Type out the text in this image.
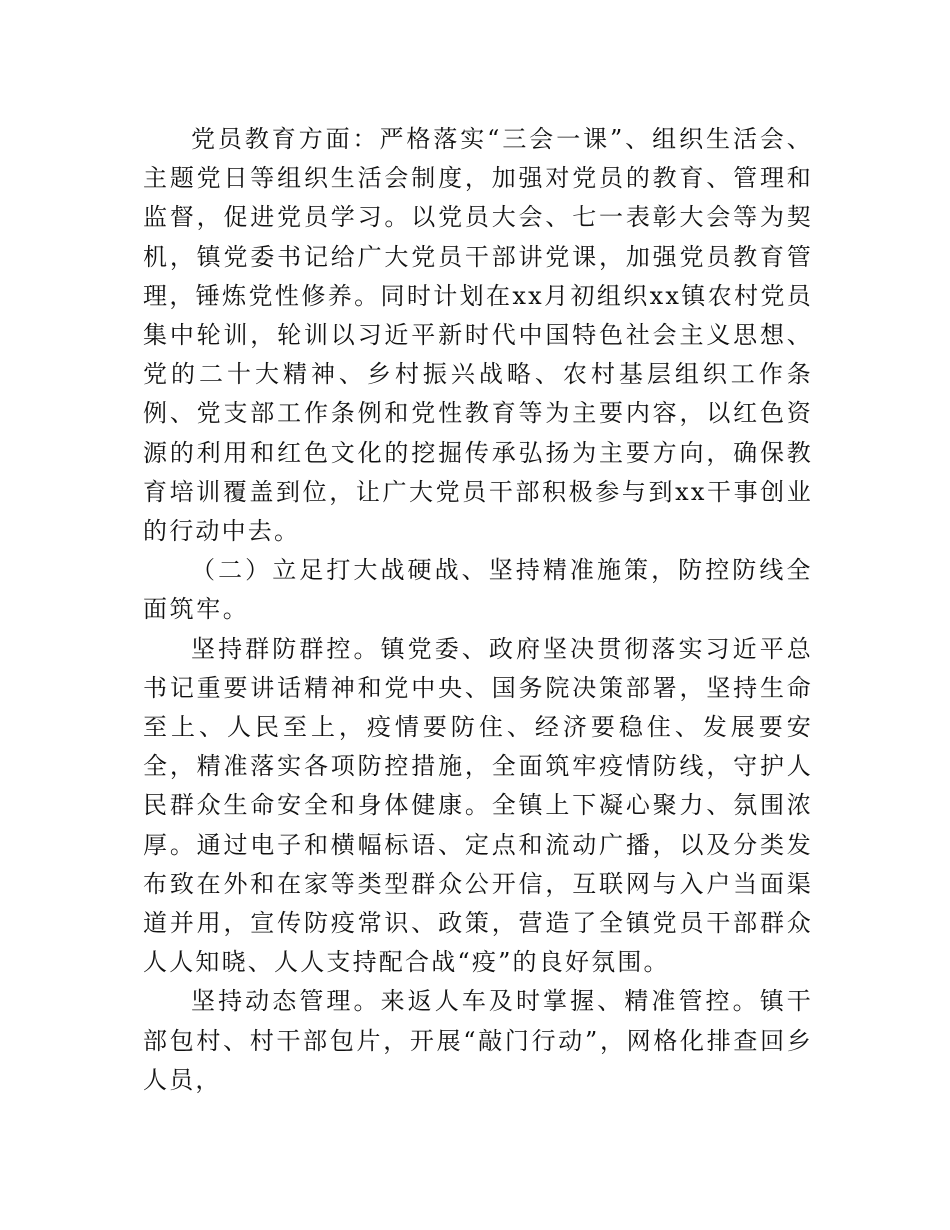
党员教育方面：严格落实“三会一课”、组织生活会、主题党日等组织生活会制度，加强对党员的教育、管理和监督，促进党员学习。以党员大会、七一表彰大会等为契机，镇党委书记给广大党员干部讲党课，加强党员教育管理，锤炼党性修养。同时计划在xx月初组织xx镇农村党员集中轮训，轮训以习近平新时代中国特色社会主义思想、党的二十大精神、乡村振兴战略、农村基层组织工作条例、党支部工作条例和党性教育等为主要内容，以红色资源的利用和红色文化的挖掘传承弘扬为主要方向，确保教育培训覆盖到位，让广大党员干部积极参与到xx干事创业的行动中去。

（二）立足打大战硬战、坚持精准施策，防控防线全面筑牢。

坚持群防群控。镇党委、政府坚决贯彻落实习近平总书记重要讲话精神和党中央、国务院决策部署，坚持生命至上、人民至上，疫情要防住、经济要稳住、发展要安全，精准落实各项防控措施，全面筑牢疫情防线，守护人民群众生命安全和身体健康。全镇上下凝心聚力、氛围浓厚。通过电子和横幅标语、定点和流动广播，以及分类发布致在外和在家等类型群众公开信，互联网与入户当面渠道并用，宣传防疫常识、政策，营造了全镇党员干部群众人人知晓、人人支持配合战“疫”的良好氛围。

坚持动态管理。来返人车及时掌握、精准管控。镇干部包村、村干部包片，开展“敲门行动”，网格化排查回乡人员，
